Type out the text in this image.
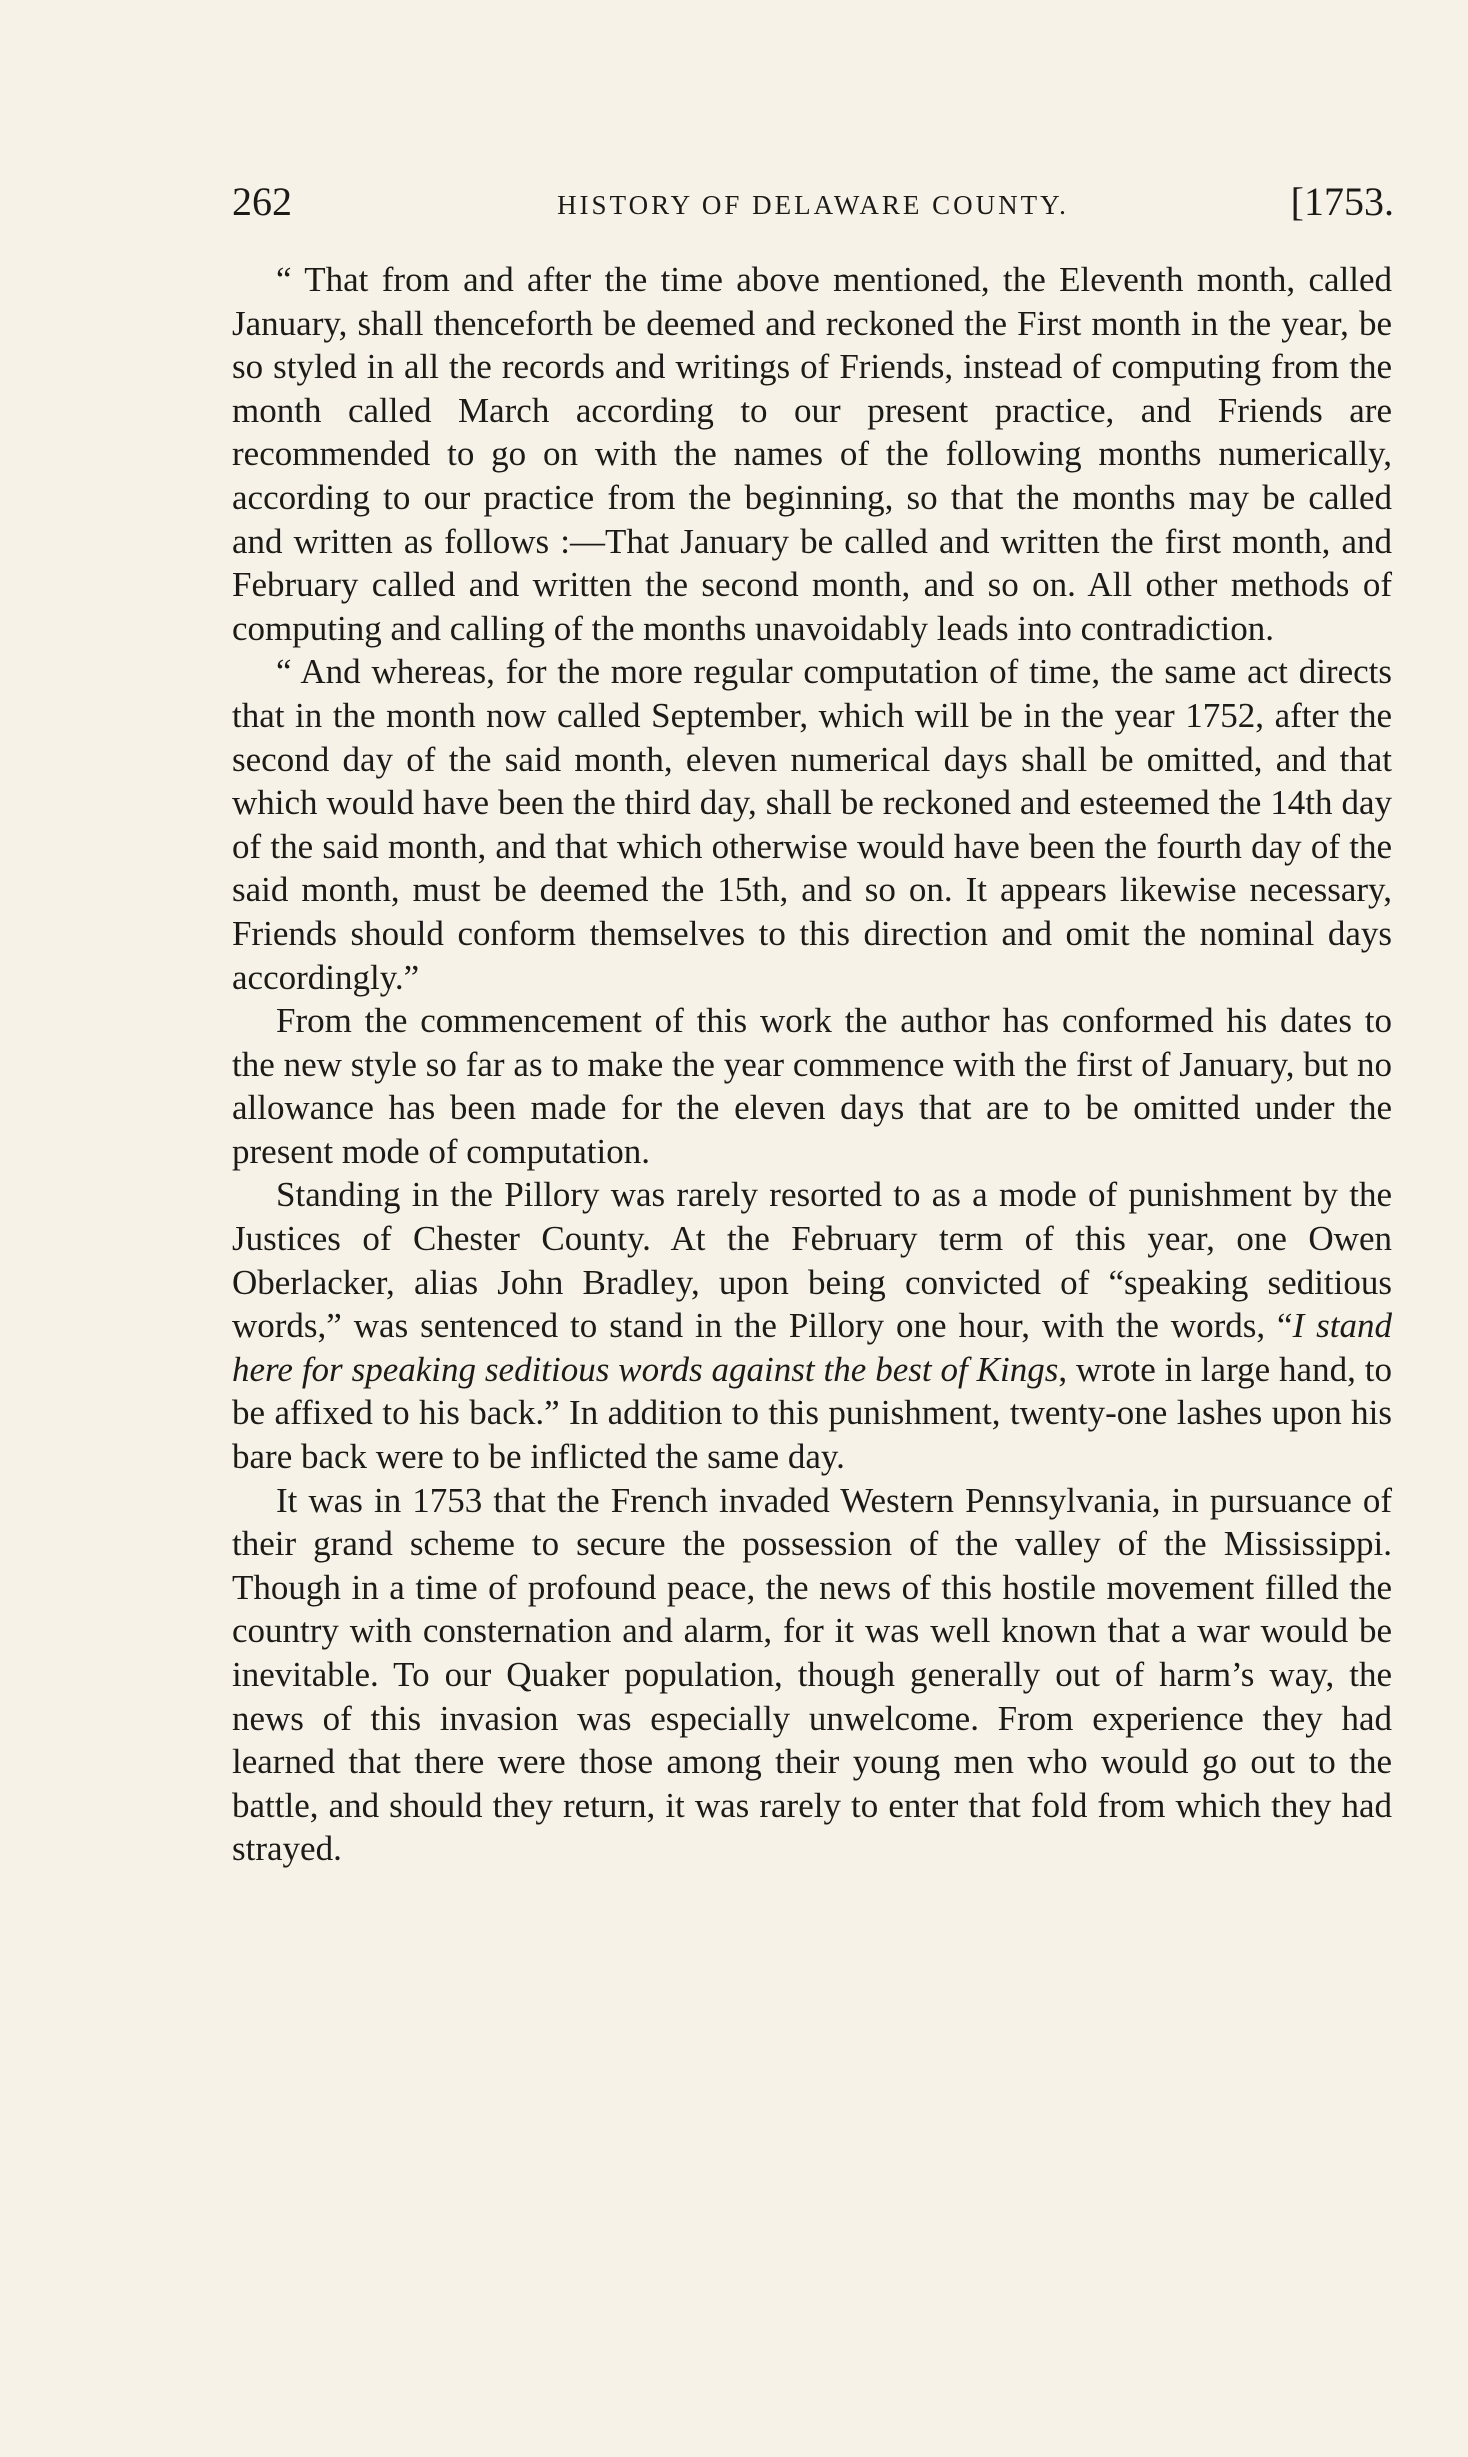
262	HISTORY OF DELAWARE COUNTY.	[1753.

“ That from and after the time above mentioned, the Eleventh month, called January, shall thenceforth be deemed and reckoned the First month in the year, be so styled in all the records and writings of Friends, instead of computing from the month called March according to our present practice, and Friends are recommended to go on with the names of the following months numerically, according to our practice from the beginning, so that the months may be called and written as follows :—That January be called and written the first month, and February called and written the second month, and so on. All other methods of computing and calling of the months unavoidably leads into contradiction.

“ And whereas, for the more regular computation of time, the same act directs that in the month now called September, which will be in the year 1752, after the second day of the said month, eleven numerical days shall be omitted, and that which would have been the third day, shall be reckoned and esteemed the 14th day of the said month, and that which otherwise would have been the fourth day of the said month, must be deemed the 15th, and so on. It appears likewise necessary, Friends should conform themselves to this direction and omit the nominal days accordingly.”

From the commencement of this work the author has conformed his dates to the new style so far as to make the year commence with the first of January, but no allowance has been made for the eleven days that are to be omitted under the present mode of computation.

Standing in the Pillory was rarely resorted to as a mode of punishment by the Justices of Chester County. At the February term of this year, one Owen Oberlacker, alias John Bradley, upon being convicted of “speaking seditious words,” was sentenced to stand in the Pillory one hour, with the words, “I stand here for speaking seditious words against the best of Kings, wrote in large hand, to be affixed to his back.” In addition to this punishment, twenty-one lashes upon his bare back were to be inflicted the same day.

It was in 1753 that the French invaded Western Pennsylvania, in pursuance of their grand scheme to secure the possession of the valley of the Mississippi. Though in a time of profound peace, the news of this hostile movement filled the country with consternation and alarm, for it was well known that a war would be inevitable. To our Quaker population, though generally out of harm’s way, the news of this invasion was especially unwelcome. From experience they had learned that there were those among their young men who would go out to the battle, and should they return, it was rarely to enter that fold from which they had strayed.
